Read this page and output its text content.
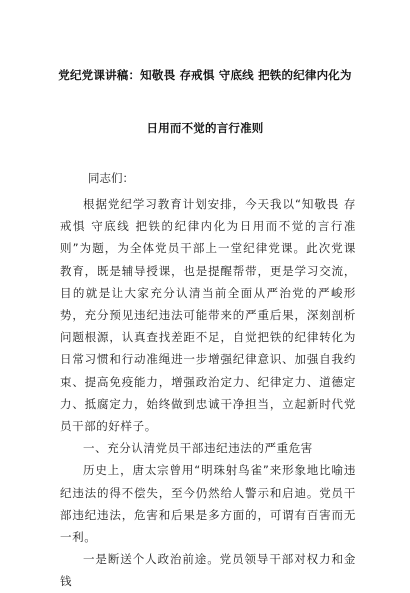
党纪党课讲稿：知敬畏 存戒惧 守底线 把铁的纪律内化为
日用而不觉的言行准则
同志们：

根据党纪学习教育计划安排，今天我以“知敬畏 存戒惧 守底线 把铁的纪律内化为日用而不觉的言行准则”为题，为全体党员干部上一堂纪律党课。此次党课教育，既是辅导授课，也是提醒帮带，更是学习交流，目的就是让大家充分认清当前全面从严治党的严峻形势，充分预见违纪违法可能带来的严重后果，深刻剖析问题根源，认真查找差距不足，自觉把铁的纪律转化为日常习惯和行动准绳进一步增强纪律意识、加强自我约束、提高免疫能力，增强政治定力、纪律定力、道德定力、抵腐定力，始终做到忠诚干净担当，立起新时代党员干部的好样子。

一、充分认清党员干部违纪违法的严重危害

历史上，唐太宗曾用“明珠射鸟雀”来形象地比喻违纪违法的得不偿失，至今仍然给人警示和启迪。党员干部违纪违法，危害和后果是多方面的，可谓有百害而无一利。

一是断送个人政治前途。党员领导干部对权力和金钱
